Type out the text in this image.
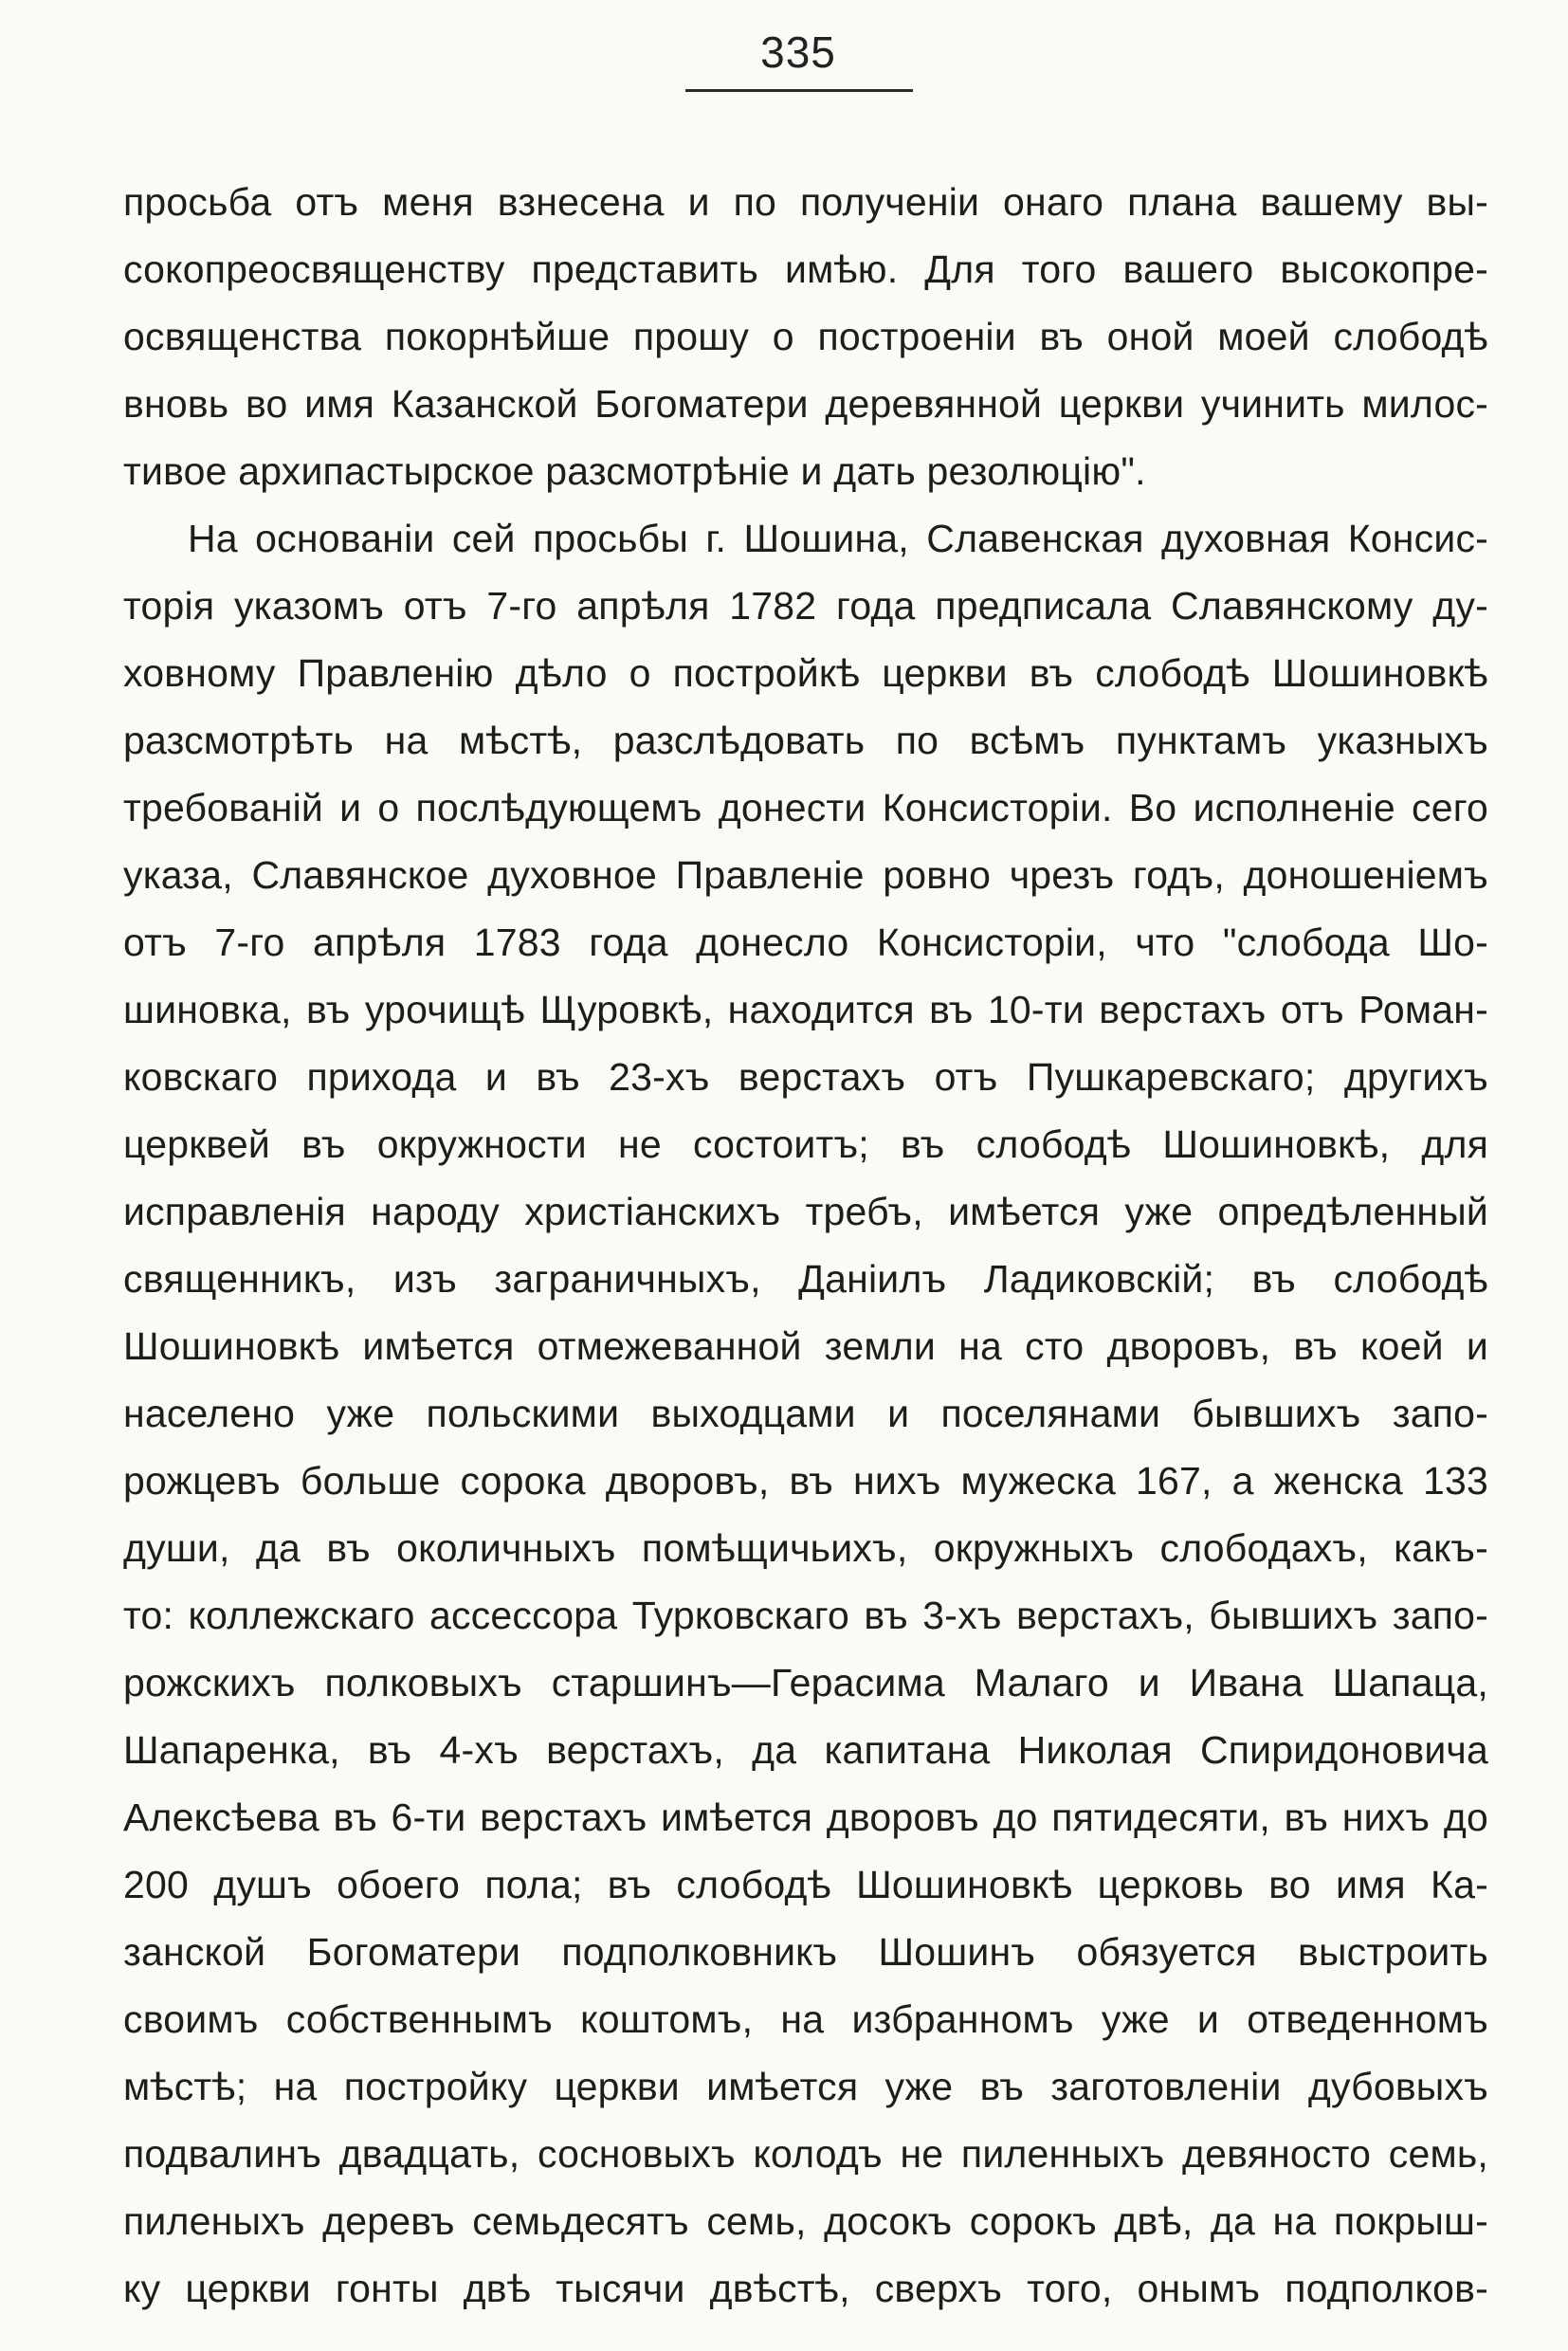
335
просьба отъ меня взнесена и по полученіи онаго плана вашему вы-
сокопреосвященству представить имѣю. Для того вашего высокопре-
освященства покорнѣйше прошу о построеніи въ оной моей слободѣ
вновь во имя Казанской Богоматери деревянной церкви учинить милос-
тивое архипастырское разсмотрѣніе и дать резолюцію".
На основаніи сей просьбы г. Шошина, Славенская духовная Консис-
торія указомъ отъ 7-го апрѣля 1782 года предписала Славянскому ду-
ховному Правленію дѣло о постройкѣ церкви въ слободѣ Шошиновкѣ
разсмотрѣть на мѣстѣ, разслѣдовать по всѣмъ пунктамъ указныхъ
требованій и о послѣдующемъ донести Консисторіи. Во исполненіе сего
указа, Славянское духовное Правленіе ровно чрезъ годъ, доношеніемъ
отъ 7-го апрѣля 1783 года донесло Консисторіи, что "слобода Шо-
шиновка, въ урочищѣ Щуровкѣ, находится въ 10-ти верстахъ отъ Роман-
ковскаго прихода и въ 23-хъ верстахъ отъ Пушкаревскаго; другихъ
церквей въ окружности не состоитъ; въ слободѣ Шошиновкѣ, для
исправленія народу христіанскихъ требъ, имѣется уже опредѣленный
священникъ, изъ заграничныхъ, Даніилъ Ладиковскій; въ слободѣ
Шошиновкѣ имѣется отмежеванной земли на сто дворовъ, въ коей и
населено уже польскими выходцами и поселянами бывшихъ запо-
рожцевъ больше сорока дворовъ, въ нихъ мужеска 167, а женска 133
души, да въ околичныхъ помѣщичьихъ, окружныхъ слободахъ, какъ-
то: коллежскаго ассессора Турковскаго въ 3-хъ верстахъ, бывшихъ запо-
рожскихъ полковыхъ старшинъ—Герасима Малаго и Ивана Шапаца,
Шапаренка, въ 4-хъ верстахъ, да капитана Николая Спиридоновича
Алексѣева въ 6-ти верстахъ имѣется дворовъ до пятидесяти, въ нихъ до
200 душъ обоего пола; въ слободѣ Шошиновкѣ церковь во имя Ка-
занской Богоматери подполковникъ Шошинъ обязуется выстроить
своимъ собственнымъ коштомъ, на избранномъ уже и отведенномъ
мѣстѣ; на постройку церкви имѣется уже въ заготовленіи дубовыхъ
подвалинъ двадцать, сосновыхъ колодъ не пиленныхъ девяносто семь,
пиленыхъ деревъ семьдесятъ семь, досокъ сорокъ двѣ, да на покрыш-
ку церкви гонты двѣ тысячи двѣстѣ, сверхъ того, онымъ подполков-
